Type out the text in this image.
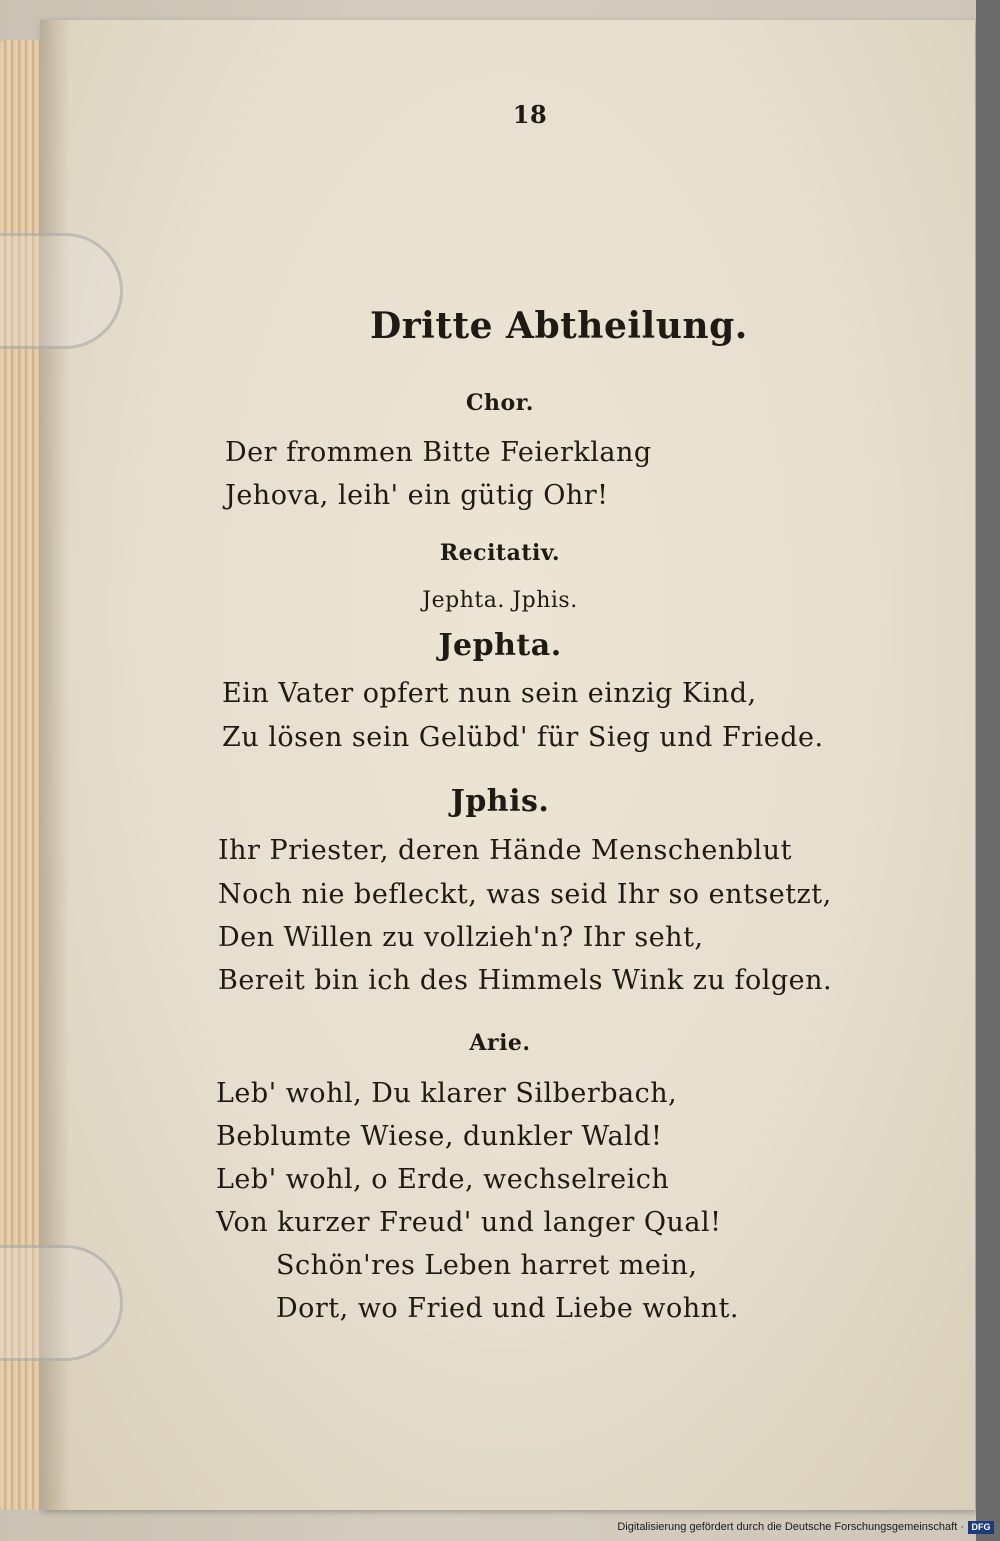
18
Dritte Abtheilung.
Chor.
Der frommen Bitte Feierklang
Jehova, leih' ein gütig Ohr!
Recitativ.
Jephta. Jphis.
Jephta.
Ein Vater opfert nun sein einzig Kind,
Zu lösen sein Gelübd' für Sieg und Friede.
Jphis.
Ihr Priester, deren Hände Menschenblut
Noch nie befleckt, was seid Ihr so entsetzt,
Den Willen zu vollzieh'n? Ihr seht,
Bereit bin ich des Himmels Wink zu folgen.
Arie.
Leb' wohl, Du klarer Silberbach,
Beblumte Wiese, dunkler Wald!
Leb' wohl, o Erde, wechselreich
Von kurzer Freud' und langer Qual!
Schön'res Leben harret mein,
Dort, wo Fried und Liebe wohnt.
Digitalisierung gefördert durch die Deutsche Forschungsgemeinschaft · DFG
